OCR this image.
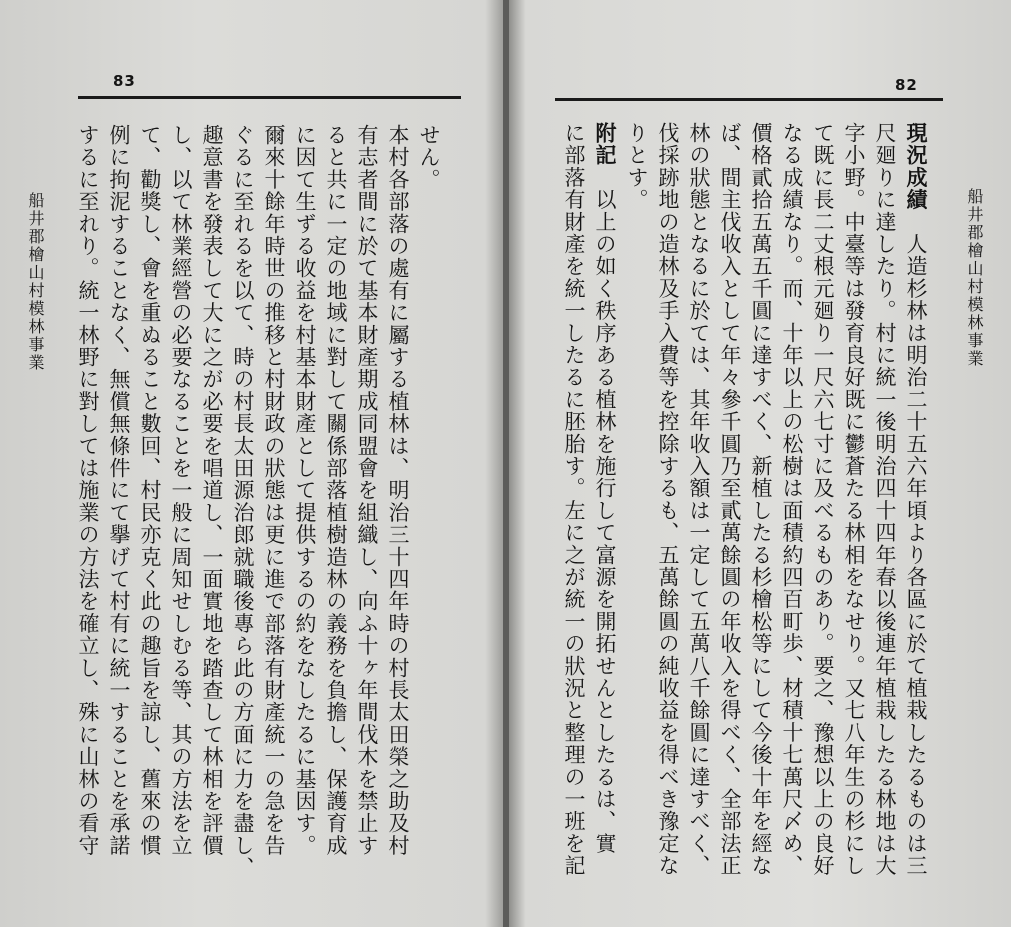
83
せん。
本村各部落の處有に屬する植林は、明治三十四年時の村長太田榮之助及村
有志者間に於て基本財產期成同盟會を組織し、向ふ十ヶ年間伐木を禁止す
ると共に一定の地域に對して關係部落植樹造林の義務を負擔し、保護育成
に因て生ずる收益を村基本財產として提供するの約をなしたるに基因す。
爾來十餘年時世の推移と村財政の狀態は更に進で部落有財產統一の急を告
ぐるに至れるを以て、時の村長太田源治郎就職後專ら此の方面に力を盡し、
趣意書を發表して大に之が必要を唱道し、一面實地を踏查して林相を評價
し、以て林業經營の必要なることを一般に周知せしむる等、其の方法を立
て、勸獎し、會を重ぬること數回、村民亦克く此の趣旨を諒し、舊來の慣
例に拘泥することなく、無償無條件にて擧げて村有に統一することを承諾
するに至れり。統一林野に對しては施業の方法を確立し、殊に山林の看守
船井郡檜山村模林事業
82
船井郡檜山村模林事業
現況成績　人造杉林は明治二十五六年頃より各區に於て植栽したるものは三
尺廻りに達したり。村に統一後明治四十四年春以後連年植栽したる林地は大
字小野。中臺等は發育良好既に鬱蒼たる林相をなせり。又七八年生の杉にし
て既に長二丈根元廻り一尺六七寸に及べるものあり。要之、豫想以上の良好
なる成績なり。而、十年以上の松樹は面積約四百町歩、材積十七萬尺〆め、
價格貳拾五萬五千圓に達すべく、新植したる杉檜松等にして今後十年を經な
ば、間主伐收入として年々參千圓乃至貳萬餘圓の年收入を得べく、全部法正
林の狀態となるに於ては、其年收入額は一定して五萬八千餘圓に達すべく、
伐採跡地の造林及手入費等を控除するも、五萬餘圓の純收益を得べき豫定な
りとす。
附記　以上の如く秩序ある植林を施行して富源を開拓せんとしたるは、實
に部落有財產を統一したるに胚胎す。左に之が統一の狀況と整理の一班を記
